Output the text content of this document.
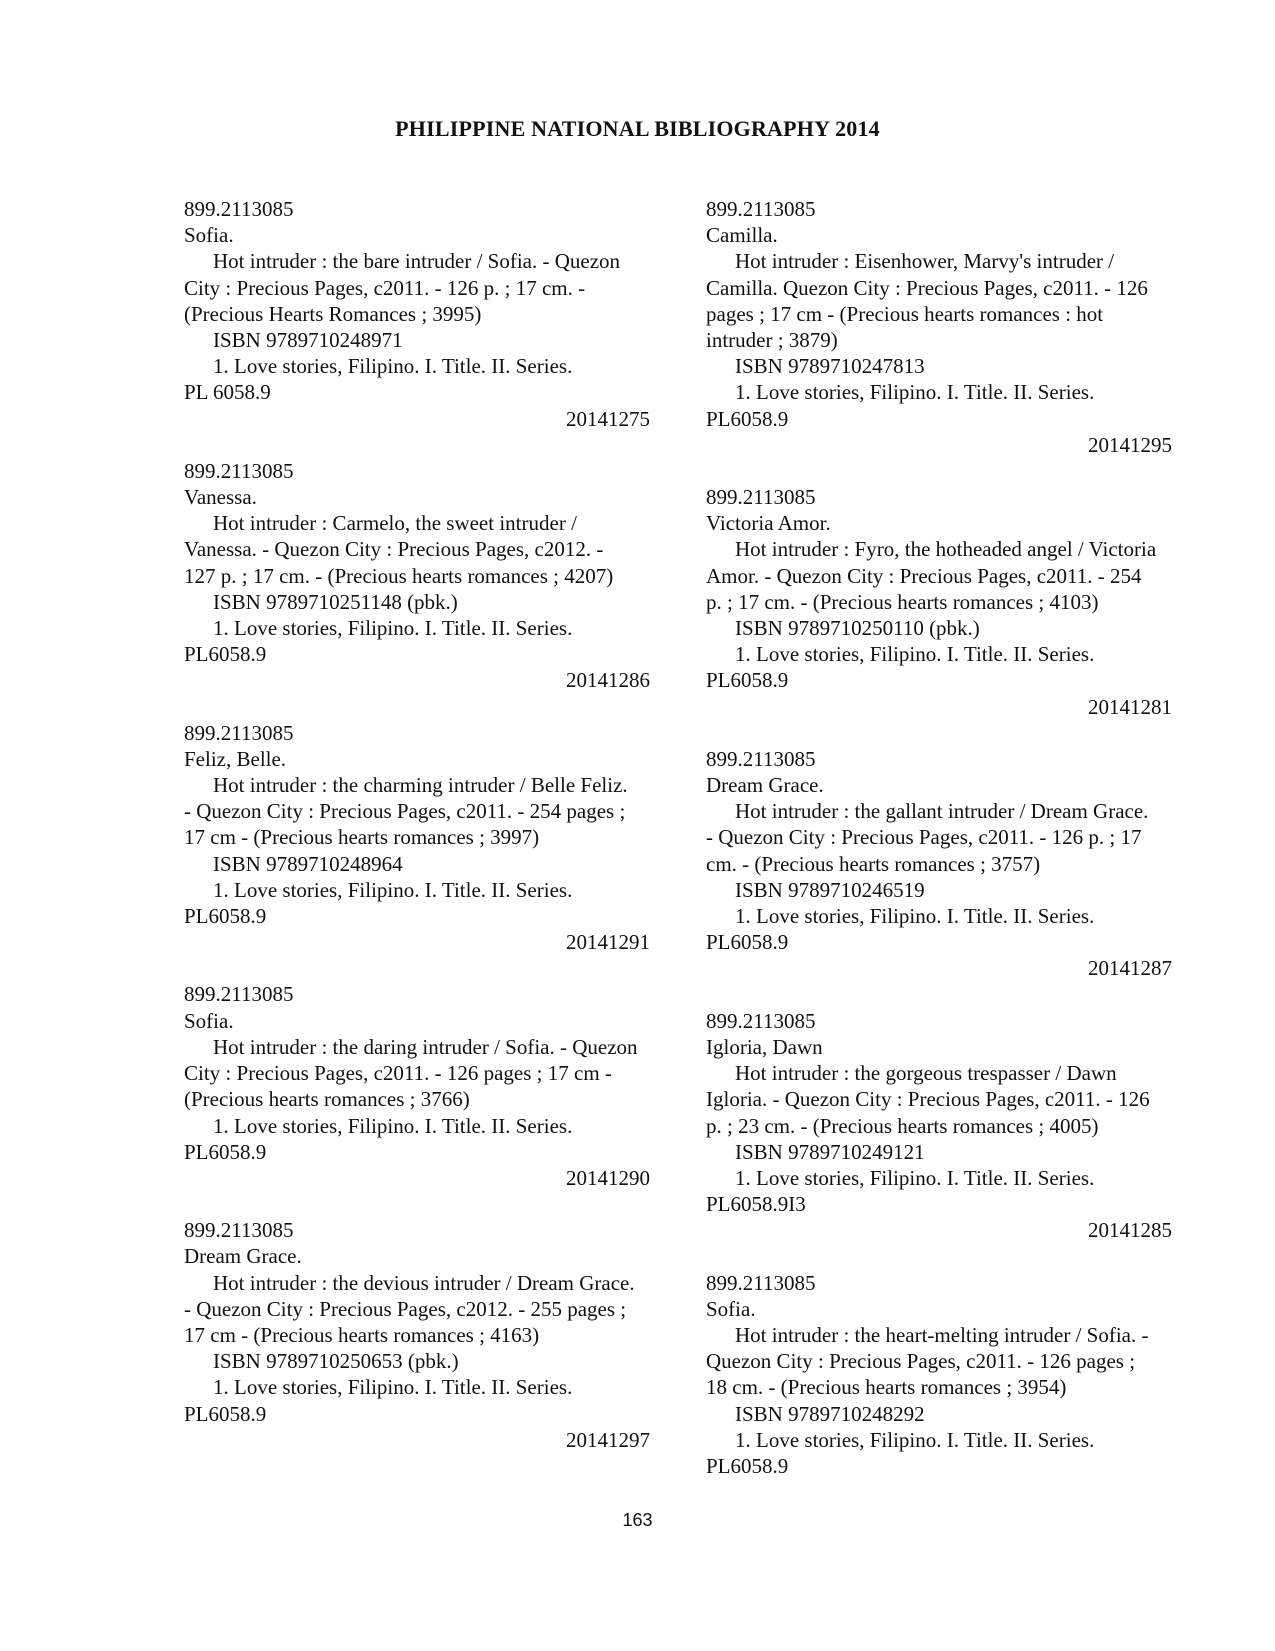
PHILIPPINE NATIONAL BIBLIOGRAPHY 2014
899.2113085
Sofia.
Hot intruder : the bare intruder / Sofia. - Quezon
City : Precious Pages, c2011. - 126 p. ; 17 cm. -
(Precious Hearts Romances ; 3995)
ISBN 9789710248971
1. Love stories, Filipino. I. Title. II. Series.
PL 6058.9
20141275
899.2113085
Vanessa.
Hot intruder : Carmelo, the sweet intruder /
Vanessa. - Quezon City : Precious Pages, c2012. -
127 p. ; 17 cm. - (Precious hearts romances ; 4207)
ISBN 9789710251148 (pbk.)
1. Love stories, Filipino. I. Title. II. Series.
PL6058.9
20141286
899.2113085
Feliz, Belle.
Hot intruder : the charming intruder / Belle Feliz.
- Quezon City : Precious Pages, c2011. - 254 pages ;
17 cm - (Precious hearts romances ; 3997)
ISBN 9789710248964
1. Love stories, Filipino. I. Title. II. Series.
PL6058.9
20141291
899.2113085
Sofia.
Hot intruder : the daring intruder / Sofia. - Quezon
City : Precious Pages, c2011. - 126 pages ; 17 cm -
(Precious hearts romances ; 3766)
1. Love stories, Filipino. I. Title. II. Series.
PL6058.9
20141290
899.2113085
Dream Grace.
Hot intruder : the devious intruder / Dream Grace.
- Quezon City : Precious Pages, c2012. - 255 pages ;
17 cm - (Precious hearts romances ; 4163)
ISBN 9789710250653 (pbk.)
1. Love stories, Filipino. I. Title. II. Series.
PL6058.9
20141297
899.2113085
Camilla.
Hot intruder : Eisenhower, Marvy's intruder /
Camilla. Quezon City : Precious Pages, c2011. - 126
pages ; 17 cm - (Precious hearts romances : hot
intruder ; 3879)
ISBN 9789710247813
1. Love stories, Filipino. I. Title. II. Series.
PL6058.9
20141295
899.2113085
Victoria Amor.
Hot intruder : Fyro, the hotheaded angel / Victoria
Amor. - Quezon City : Precious Pages, c2011. - 254
p. ; 17 cm. - (Precious hearts romances ; 4103)
ISBN 9789710250110 (pbk.)
1. Love stories, Filipino. I. Title. II. Series.
PL6058.9
20141281
899.2113085
Dream Grace.
Hot intruder : the gallant intruder / Dream Grace.
- Quezon City : Precious Pages, c2011. - 126 p. ; 17
cm. - (Precious hearts romances ; 3757)
ISBN 9789710246519
1. Love stories, Filipino. I. Title. II. Series.
PL6058.9
20141287
899.2113085
Igloria, Dawn
Hot intruder : the gorgeous trespasser / Dawn
Igloria. - Quezon City : Precious Pages, c2011. - 126
p. ; 23 cm. - (Precious hearts romances ; 4005)
ISBN 9789710249121
1. Love stories, Filipino. I. Title. II. Series.
PL6058.9I3
20141285
899.2113085
Sofia.
Hot intruder : the heart-melting intruder / Sofia. -
Quezon City : Precious Pages, c2011. - 126 pages ;
18 cm. - (Precious hearts romances ; 3954)
ISBN 9789710248292
1. Love stories, Filipino. I. Title. II. Series.
PL6058.9
163
